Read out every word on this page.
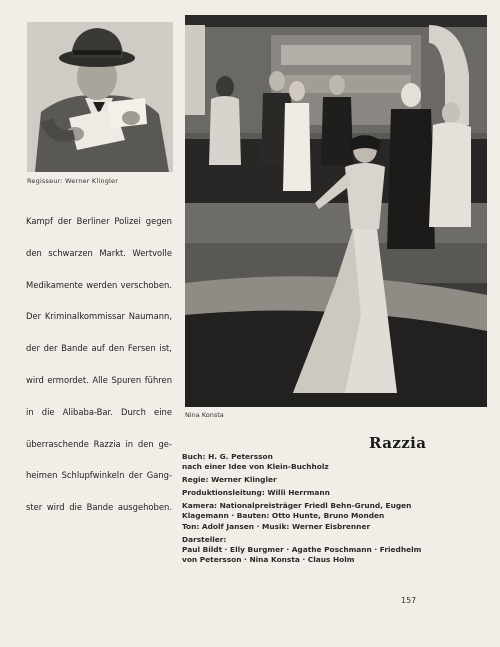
Regisseur: Werner Klingler
Nina Konsta
Kampf der Berliner Polizei gegen
den schwarzen Markt. Wertvolle
Medikamente werden verschoben.
Der Kriminalkommissar Naumann,
der der Bande auf den Fersen ist,
wird ermordet. Alle Spuren führen
in die Alibaba-Bar. Durch eine
überraschende Razzia in den ge-
heimen Schlupfwinkeln der Gang-
ster wird die Bande ausgehoben.
Razzia
Buch: H. G. Petersson
nach einer Idee von Klein-Buchholz
Regie: Werner Klingler
Produktionsleitung: Willi Herrmann
Kamera: Nationalpreisträger Friedl Behn-Grund, Eugen
Klagemann · Bauten: Otto Hunte, Bruno Monden
Ton: Adolf Jansen · Musik: Werner Eisbrenner
Darsteller:
Paul Bildt · Elly Burgmer · Agathe Poschmann · Friedhelm
von Petersson · Nina Konsta · Claus Holm
157
